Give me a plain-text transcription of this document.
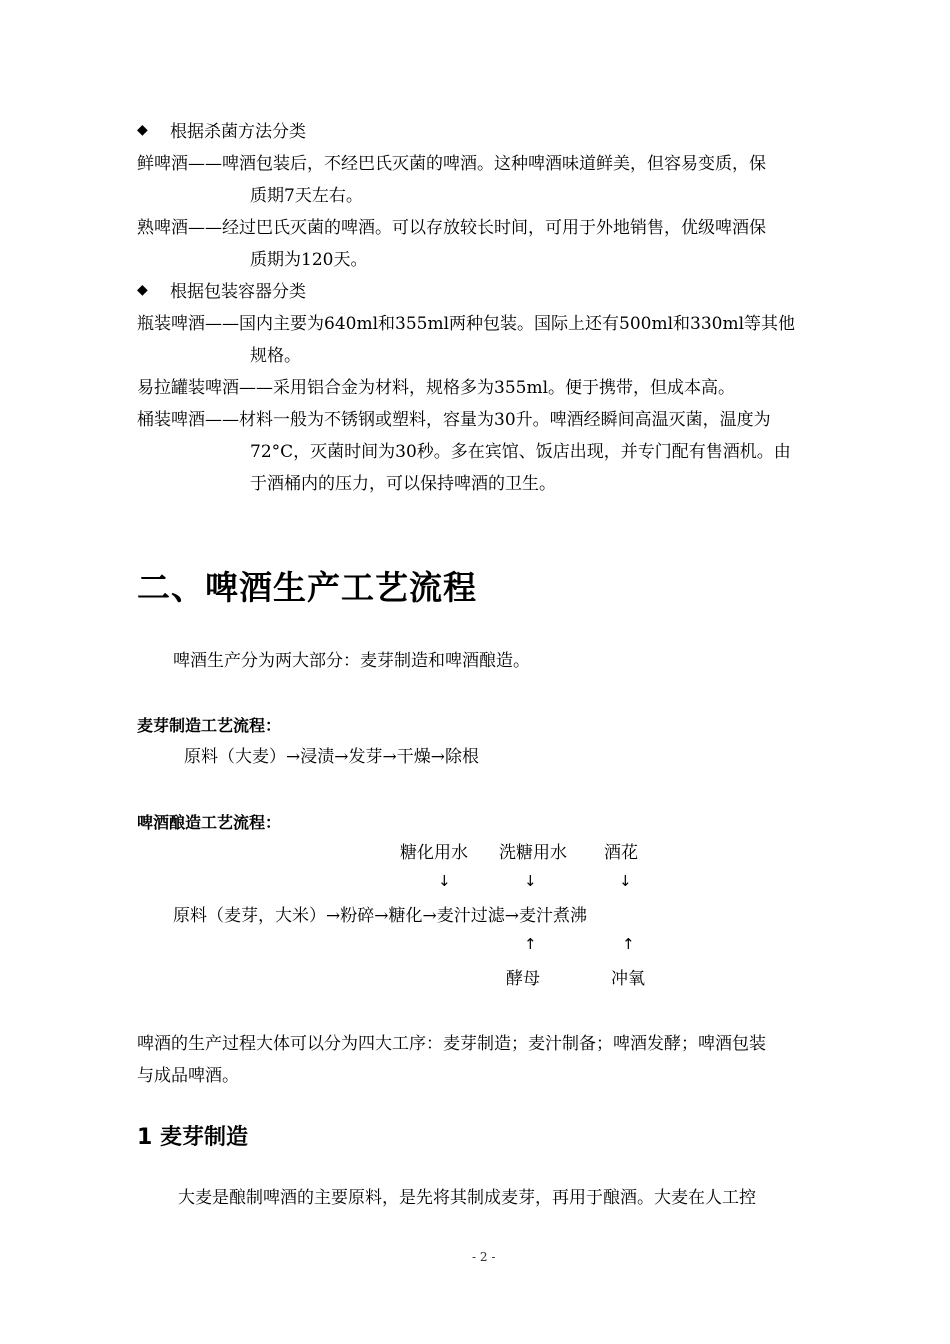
◆ 根据杀菌方法分类
鲜啤酒——啤酒包装后，不经巴氏灭菌的啤酒。这种啤酒味道鲜美，但容易变质，保
质期7天左右。
熟啤酒——经过巴氏灭菌的啤酒。可以存放较长时间，可用于外地销售，优级啤酒保
质期为120天。
◆ 根据包装容器分类
瓶装啤酒——国内主要为640ml和355ml两种包装。国际上还有500ml和330ml等其他
规格。
易拉罐装啤酒——采用铝合金为材料，规格多为355ml。便于携带，但成本高。
桶装啤酒——材料一般为不锈钢或塑料，容量为30升。啤酒经瞬间高温灭菌，温度为
72°C，灭菌时间为30秒。多在宾馆、饭店出现，并专门配有售酒机。由
于酒桶内的压力，可以保持啤酒的卫生。
二、啤酒生产工艺流程
啤酒生产分为两大部分：麦芽制造和啤酒酿造。
麦芽制造工艺流程：
原料（大麦）→浸渍→发芽→干燥→除根
啤酒酿造工艺流程：
糖化用水 洗糖用水 酒花
↓	↓	↓
原料（麦芽，大米）→粉碎→糖化→麦汁过滤→麦汁煮沸
↑	↑
酵母	冲氧
啤酒的生产过程大体可以分为四大工序：麦芽制造；麦汁制备；啤酒发酵；啤酒包装
与成品啤酒。
1 麦芽制造
大麦是酿制啤酒的主要原料，是先将其制成麦芽，再用于酿酒。大麦在人工控
- 2 -
